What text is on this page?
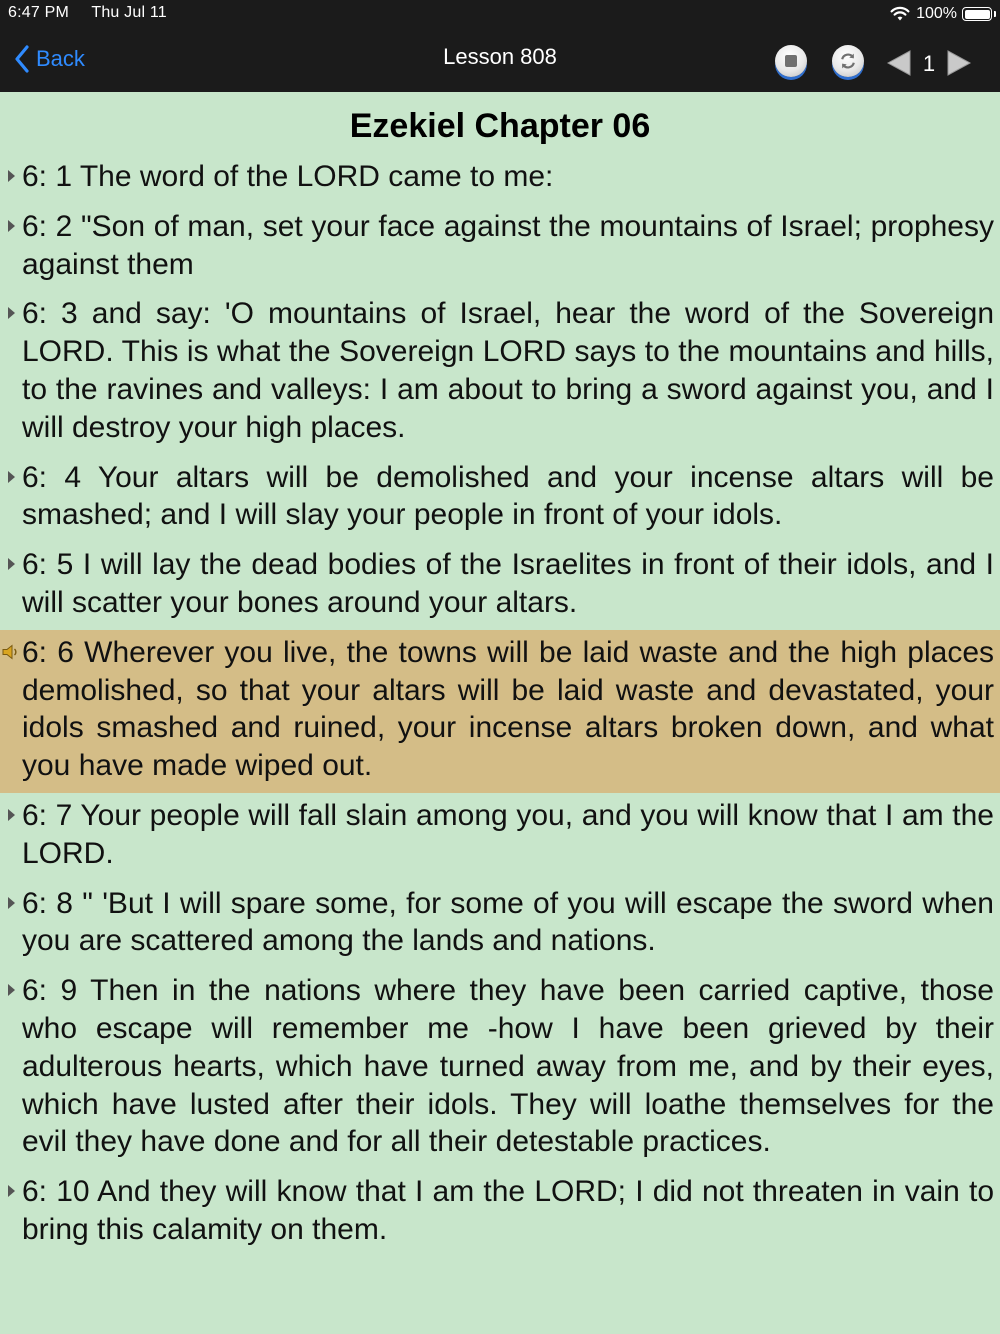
6:47 PM Thu Jul 11	100%
Back	Lesson 808	1
Ezekiel Chapter 06
6: 1 The word of the LORD came to me:
6: 2 "Son of man, set your face against the mountains of Israel; prophesy against them
6: 3 and say: 'O mountains of Israel, hear the word of the Sovereign LORD. This is what the Sovereign LORD says to the mountains and hills, to the ravines and valleys: I am about to bring a sword against you, and I will destroy your high places.
6: 4 Your altars will be demolished and your incense altars will be smashed; and I will slay your people in front of your idols.
6: 5 I will lay the dead bodies of the Israelites in front of their idols, and I will scatter your bones around your altars.
6: 6 Wherever you live, the towns will be laid waste and the high places demolished, so that your altars will be laid waste and devastated, your idols smashed and ruined, your incense altars broken down, and what you have made wiped out.
6: 7 Your people will fall slain among you, and you will know that I am the LORD.
6: 8 " 'But I will spare some, for some of you will escape the sword when you are scattered among the lands and nations.
6: 9 Then in the nations where they have been carried captive, those who escape will remember me -how I have been grieved by their adulterous hearts, which have turned away from me, and by their eyes, which have lusted after their idols. They will loathe themselves for the evil they have done and for all their detestable practices.
6: 10 And they will know that I am the LORD; I did not threaten in vain to bring this calamity on them.
